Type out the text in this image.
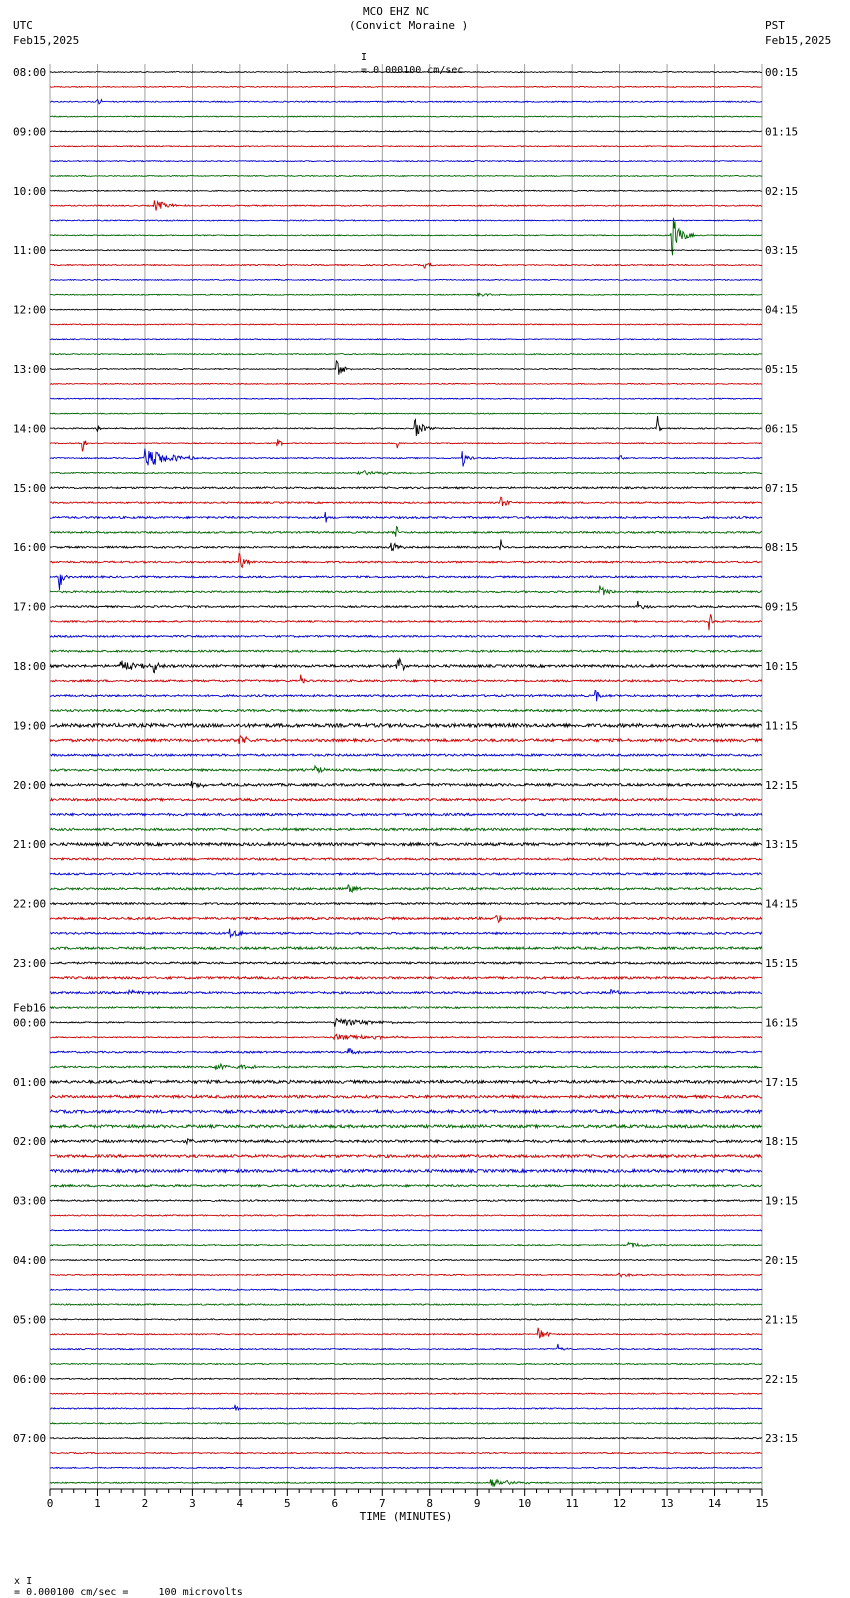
MCO EHZ NC
(Convict Moraine )

I
= 0.000100 cm/sec

UTC
Feb15,2025
PST
Feb15,2025
08:00
09:00
10:00
11:00
12:00
13:00
14:00
15:00
16:00
17:00
18:00
19:00
20:00
21:00
22:00
23:00
00:00
01:00
02:00
03:00
04:00
05:00
06:00
07:00
00:15
01:15
02:15
03:15
04:15
05:15
06:15
07:15
08:15
09:15
10:15
11:15
12:15
13:15
14:15
15:15
16:15
17:15
18:15
19:15
20:15
21:15
22:15
23:15
Feb16
0	1	2	3	4	5	6	7	8	9	10	11	12	13	14	15
TIME (MINUTES)

x I
= 0.000100 cm/sec =     100 microvolts
